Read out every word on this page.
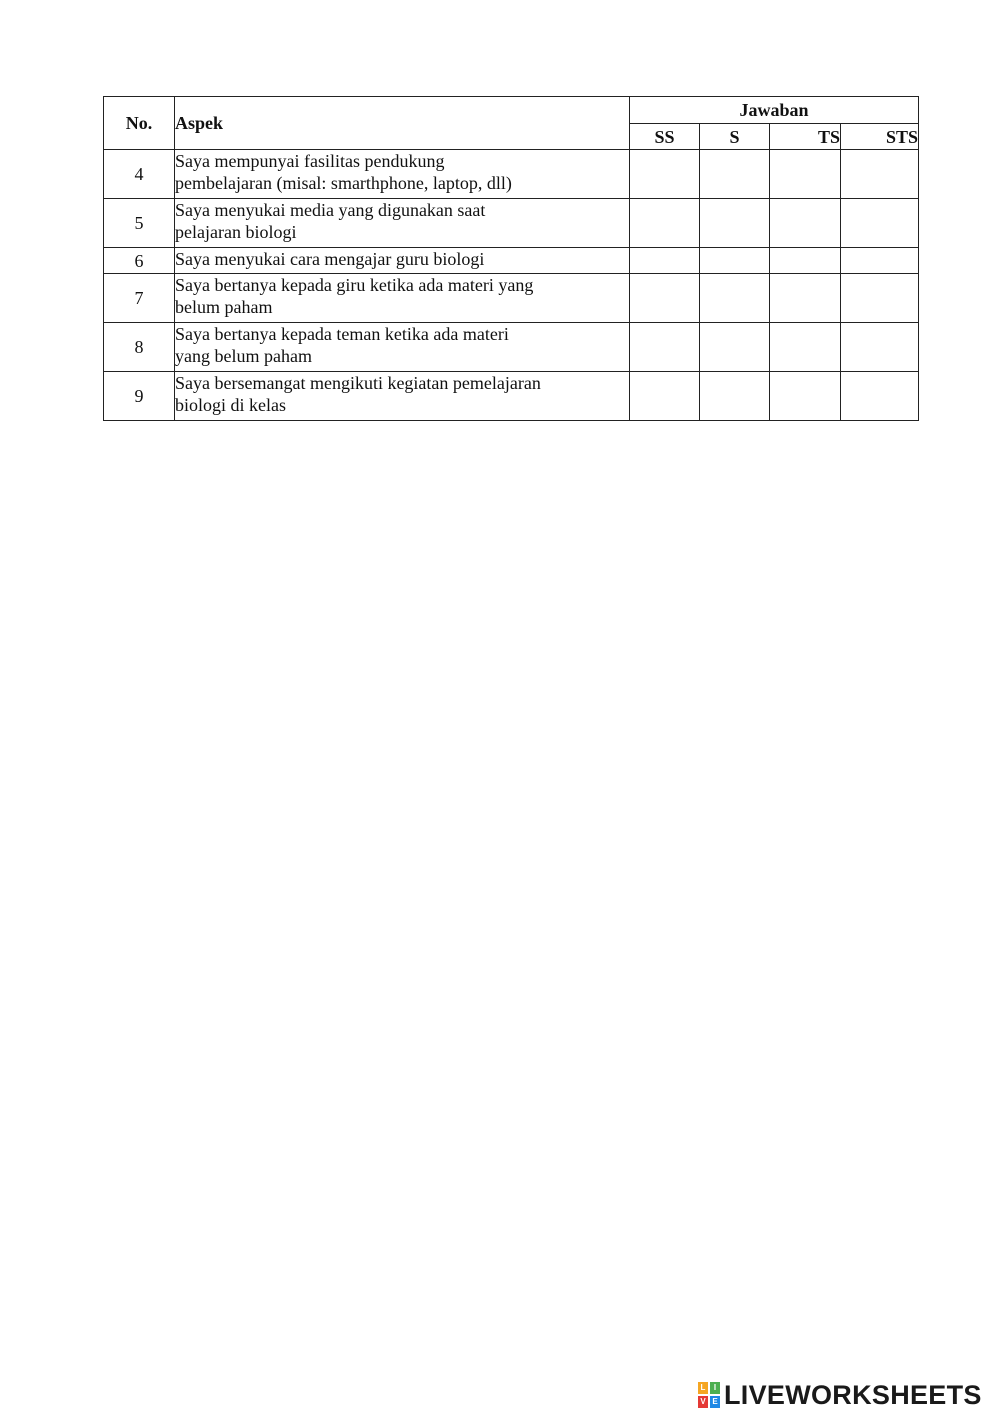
No.	Aspek	Jawaban			
		SS	S	TS	STS
4	Saya mempunyai fasilitas pendukung
pembelajaran (misal: smarthphone, laptop, dll)				

5	Saya menyukai media yang digunakan saat
pelajaran biologi				

6	Saya menyukai cara mengajar guru biologi				

7	Saya bertanya kepada giru ketika ada materi yang
belum paham				

8	Saya bertanya kepada teman ketika ada materi
yang belum paham				

9	Saya bersemangat mengikuti kegiatan pemelajaran
biologi di kelas				

L	I
V E LIVEWORKSHEETS
